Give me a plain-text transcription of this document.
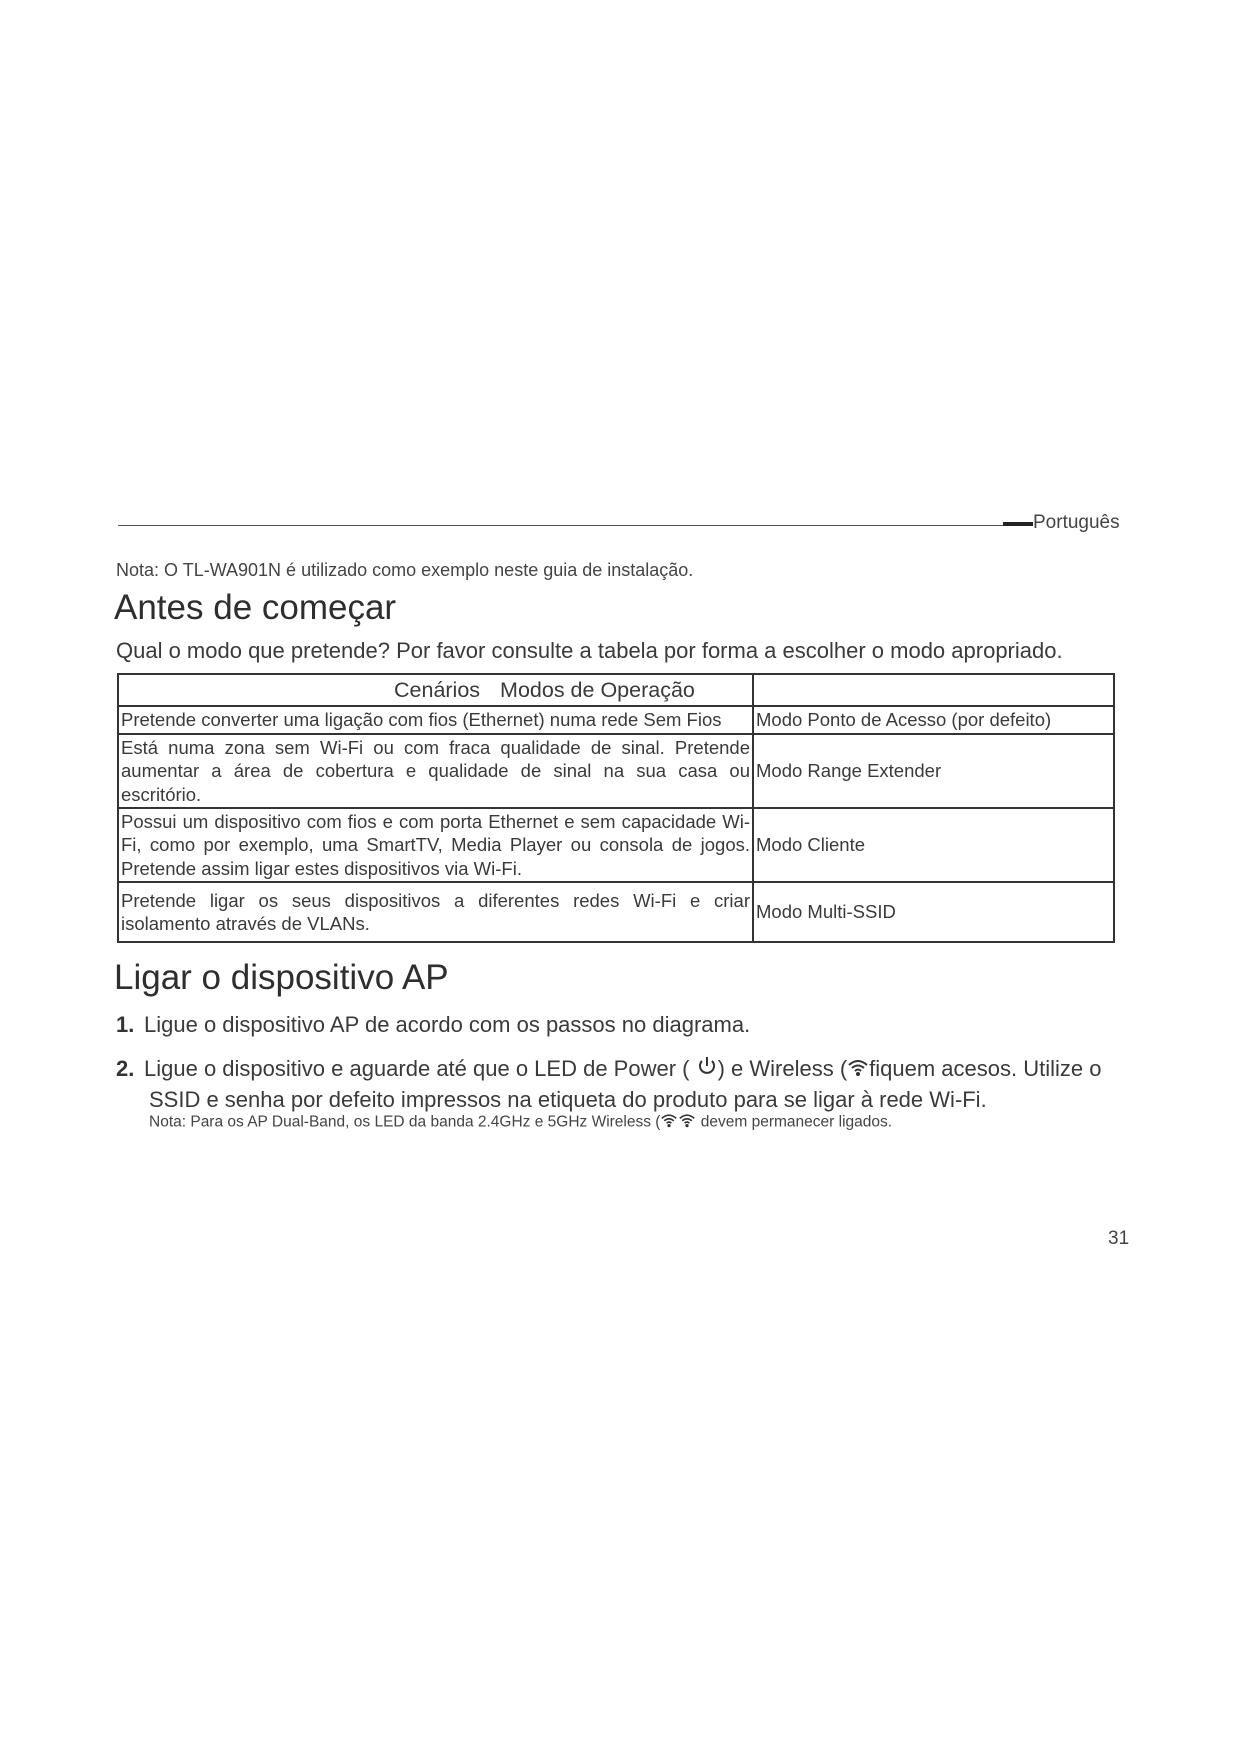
Português
Nota: O TL-WA901N é utilizado como exemplo neste guia de instalação.
Antes de começar
Qual o modo que pretende? Por favor consulte a tabela por forma a escolher o modo apropriado.
Cenários Modos de Operação	
Pretende converter uma ligação com fios (Ethernet) numa rede Sem Fios	Modo Ponto de Acesso (por defeito)
Está numa zona sem Wi-Fi ou com fraca qualidade de sinal. Pretende aumentar a área de cobertura e qualidade de sinal na sua casa ou escritório.	Modo Range Extender
Possui um dispositivo com fios e com porta Ethernet e sem capacidade Wi-Fi, como por exemplo, uma SmartTV, Media Player ou consola de jogos. Pretende assim ligar estes dispositivos via Wi-Fi.	Modo Cliente
Pretende ligar os seus dispositivos a diferentes redes Wi-Fi e criar isolamento através de VLANs.	Modo Multi-SSID
Ligar o dispositivo AP
1. Ligue o dispositivo AP de acordo com os passos no diagrama.
2. Ligue o dispositivo e aguarde até que o LED de Power ( ) e Wireless ( fiquem acesos. Utilize o
SSID e senha por defeito impressos na etiqueta do produto para se ligar à rede Wi-Fi.
Nota: Para os AP Dual-Band, os LED da banda 2.4GHz e 5GHz Wireless (	devem permanecer ligados.
31
